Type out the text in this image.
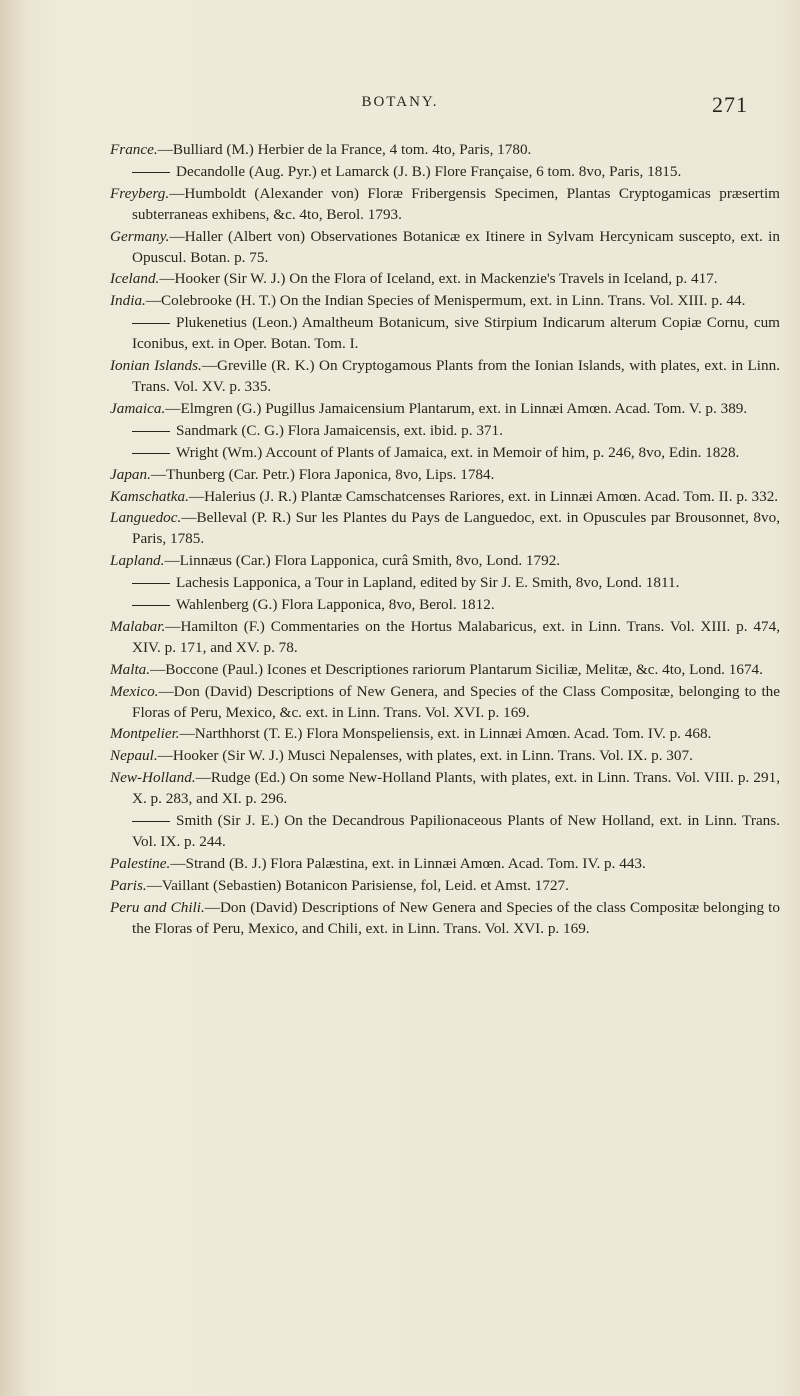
BOTANY.	271

France.—Bulliard (M.) Herbier de la France, 4 tom. 4to, Paris, 1780.

Decandolle (Aug. Pyr.) et Lamarck (J. B.) Flore Française, 6 tom. 8vo, Paris, 1815.

Freyberg.—Humboldt (Alexander von) Floræ Fribergensis Specimen, Plantas Cryptogamicas præsertim subterraneas exhibens, &c. 4to, Berol. 1793.

Germany.—Haller (Albert von) Observationes Botanicæ ex Itinere in Sylvam Hercynicam suscepto, ext. in Opuscul. Botan. p. 75.

Iceland.—Hooker (Sir W. J.) On the Flora of Iceland, ext. in Mackenzie's Travels in Iceland, p. 417.

India.—Colebrooke (H. T.) On the Indian Species of Menispermum, ext. in Linn. Trans. Vol. XIII. p. 44.

Plukenetius (Leon.) Amaltheum Botanicum, sive Stirpium Indicarum alterum Copiæ Cornu, cum Iconibus, ext. in Oper. Botan. Tom. I.

Ionian Islands.—Greville (R. K.) On Cryptogamous Plants from the Ionian Islands, with plates, ext. in Linn. Trans. Vol. XV. p. 335.

Jamaica.—Elmgren (G.) Pugillus Jamaicensium Plantarum, ext. in Linnæi Amœn. Acad. Tom. V. p. 389.

Sandmark (C. G.) Flora Jamaicensis, ext. ibid. p. 371.

Wright (Wm.) Account of Plants of Jamaica, ext. in Memoir of him, p. 246, 8vo, Edin. 1828.

Japan.—Thunberg (Car. Petr.) Flora Japonica, 8vo, Lips. 1784.

Kamschatka.—Halerius (J. R.) Plantæ Camschatcenses Rariores, ext. in Linnæi Amœn. Acad. Tom. II. p. 332.

Languedoc.—Belleval (P. R.) Sur les Plantes du Pays de Languedoc, ext. in Opuscules par Brousonnet, 8vo, Paris, 1785.

Lapland.—Linnæus (Car.) Flora Lapponica, curâ Smith, 8vo, Lond. 1792.

Lachesis Lapponica, a Tour in Lapland, edited by Sir J. E. Smith, 8vo, Lond. 1811.

Wahlenberg (G.) Flora Lapponica, 8vo, Berol. 1812.

Malabar.—Hamilton (F.) Commentaries on the Hortus Malabaricus, ext. in Linn. Trans. Vol. XIII. p. 474, XIV. p. 171, and XV. p. 78.

Malta.—Boccone (Paul.) Icones et Descriptiones rariorum Plantarum Siciliæ, Melitæ, &c. 4to, Lond. 1674.

Mexico.—Don (David) Descriptions of New Genera, and Species of the Class Compositæ, belonging to the Floras of Peru, Mexico, &c. ext. in Linn. Trans. Vol. XVI. p. 169.

Montpelier.—Narthhorst (T. E.) Flora Monspeliensis, ext. in Linnæi Amœn. Acad. Tom. IV. p. 468.

Nepaul.—Hooker (Sir W. J.) Musci Nepalenses, with plates, ext. in Linn. Trans. Vol. IX. p. 307.

New-Holland.—Rudge (Ed.) On some New-Holland Plants, with plates, ext. in Linn. Trans. Vol. VIII. p. 291, X. p. 283, and XI. p. 296.

Smith (Sir J. E.) On the Decandrous Papilionaceous Plants of New Holland, ext. in Linn. Trans. Vol. IX. p. 244.

Palestine.—Strand (B. J.) Flora Palæstina, ext. in Linnæi Amœn. Acad. Tom. IV. p. 443.

Paris.—Vaillant (Sebastien) Botanicon Parisiense, fol, Leid. et Amst. 1727.

Peru and Chili.—Don (David) Descriptions of New Genera and Species of the class Compositæ belonging to the Floras of Peru, Mexico, and Chili, ext. in Linn. Trans. Vol. XVI. p. 169.
